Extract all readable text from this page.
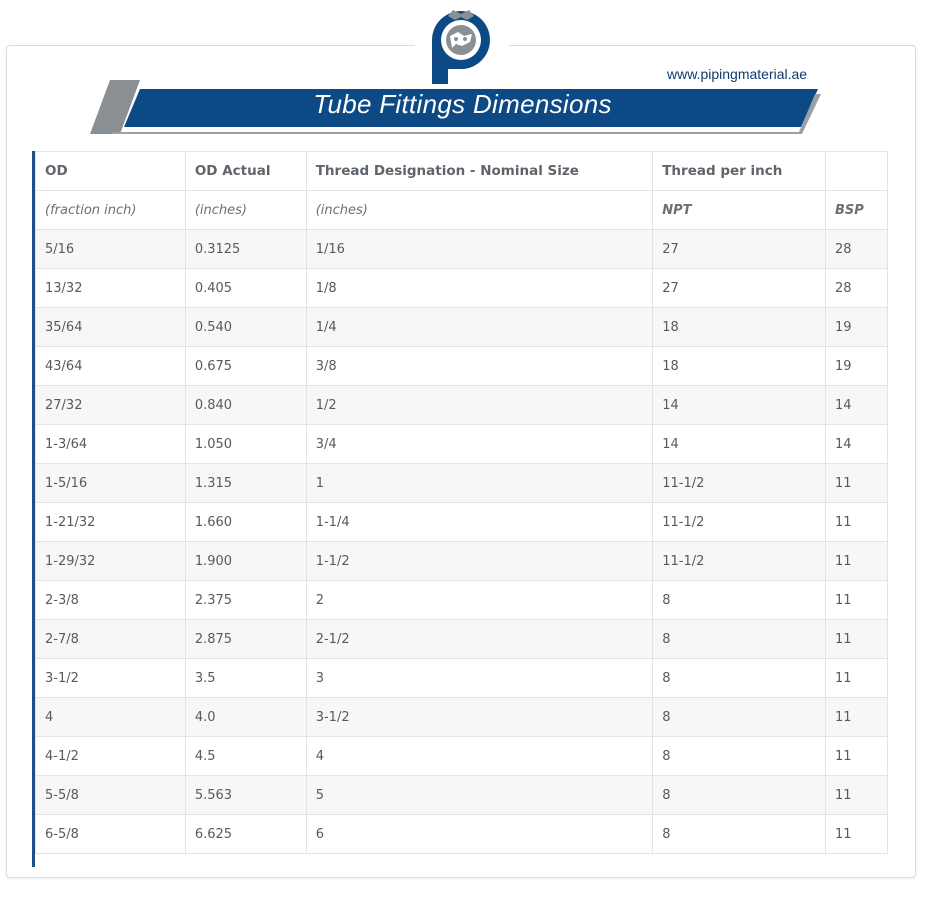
www.pipingmaterial.ae
Tube Fittings Dimensions
OD	OD Actual	Thread Designation - Nominal Size	Thread per inch	
(fraction inch)	(inches)	(inches)	NPT	BSP
5/16	0.3125	1/16	27	28
13/32	0.405	1/8	27	28
35/64	0.540	1/4	18	19
43/64	0.675	3/8	18	19
27/32	0.840	1/2	14	14
1-3/64	1.050	3/4	14	14
1-5/16	1.315	1	11-1/2	11
1-21/32	1.660	1-1/4	11-1/2	11
1-29/32	1.900	1-1/2	11-1/2	11
2-3/8	2.375	2	8	11
2-7/8	2.875	2-1/2	8	11
3-1/2	3.5	3	8	11
4	4.0	3-1/2	8	11
4-1/2	4.5	4	8	11
5-5/8	5.563	5	8	11
6-5/8	6.625	6	8	11
